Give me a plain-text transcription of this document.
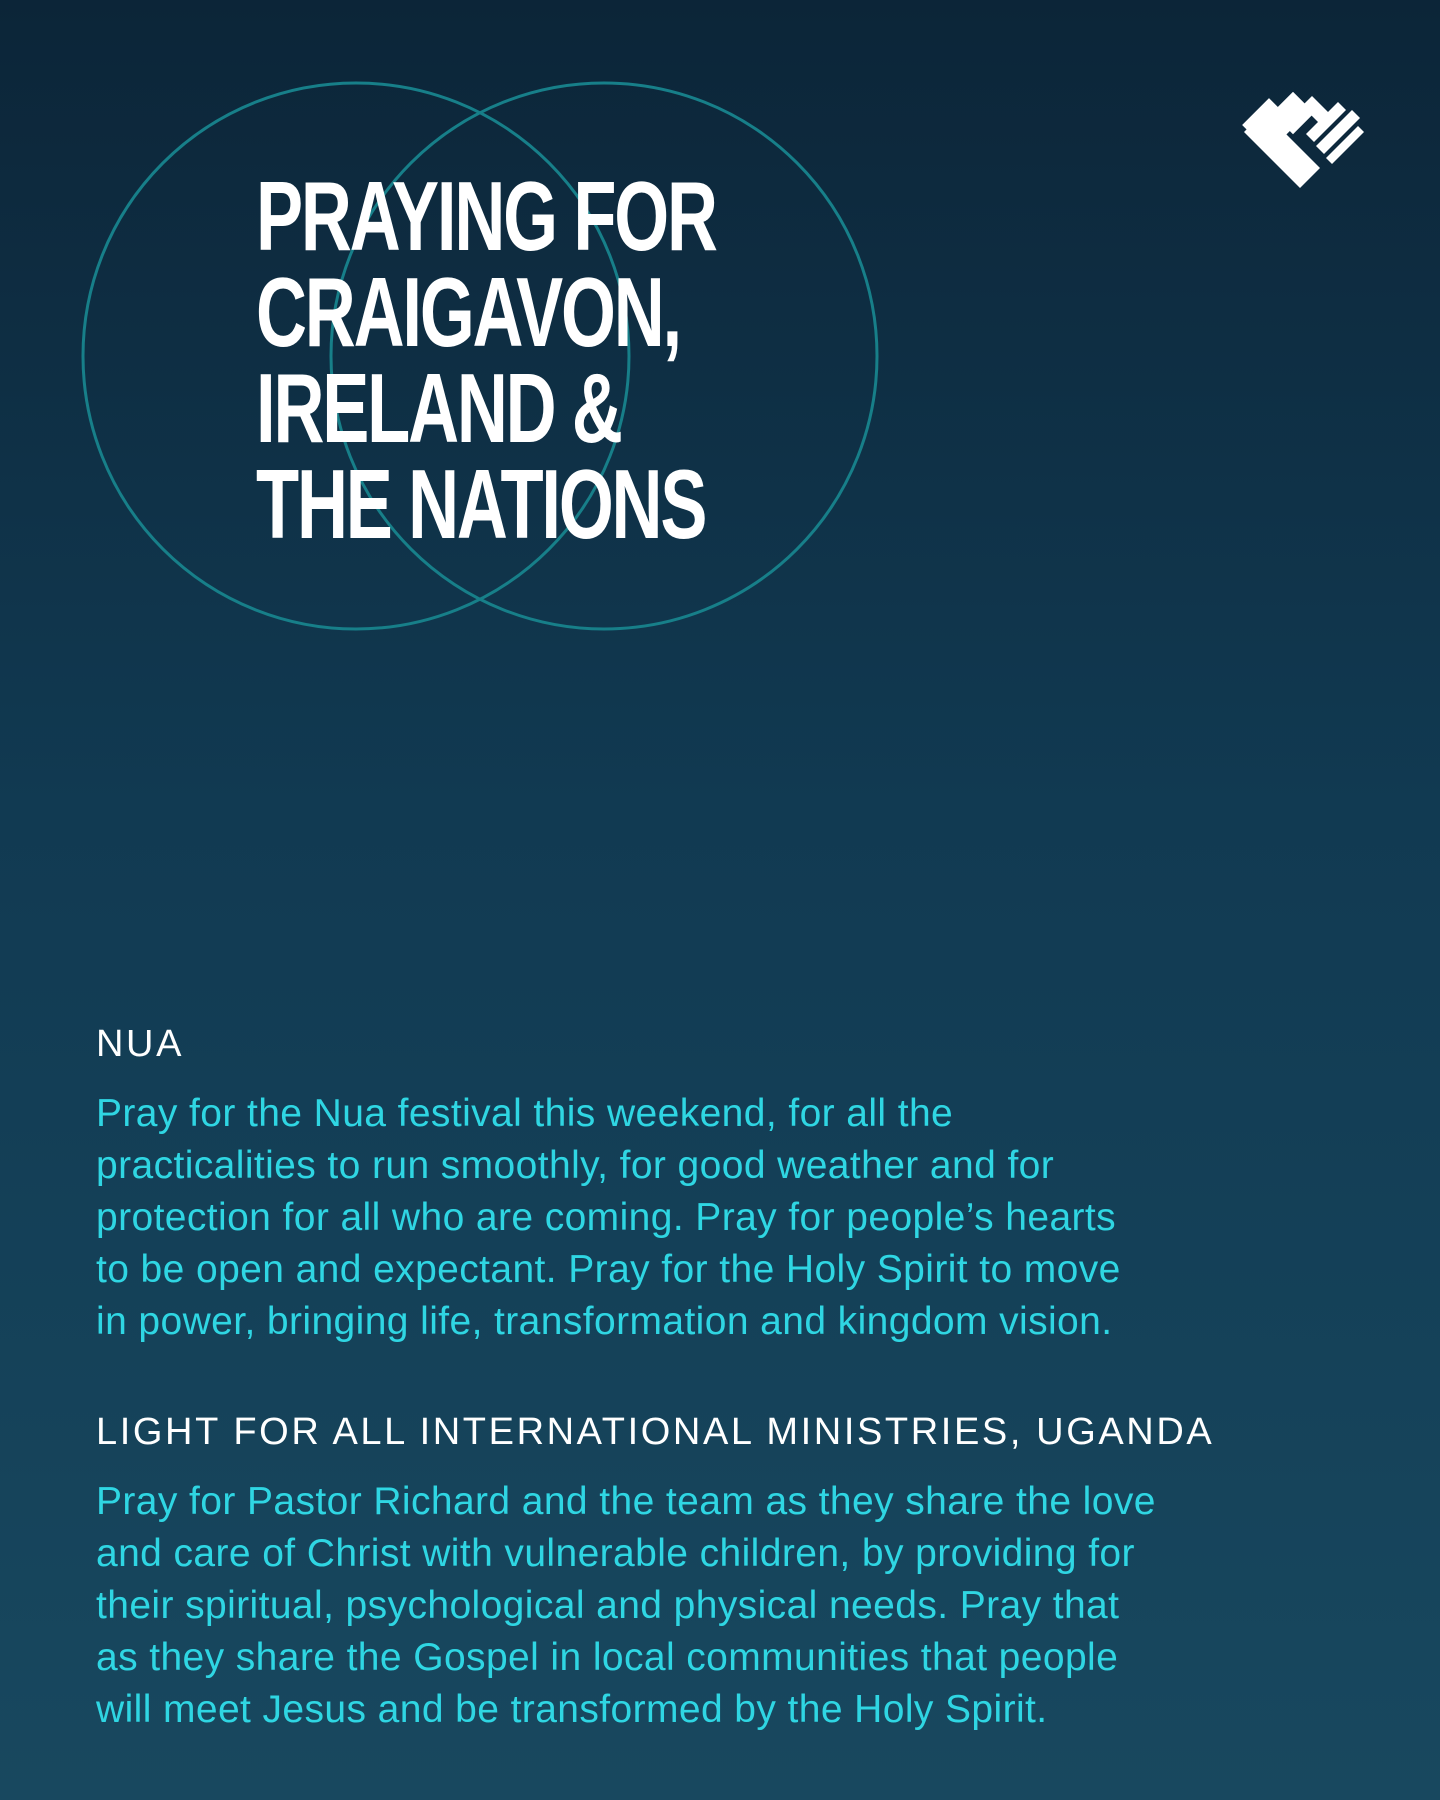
PRAYING FOR
CRAIGAVON,
IRELAND &
THE NATIONS
NUA

Pray for the Nua festival this weekend, for all the
practicalities to run smoothly, for good weather and for
protection for all who are coming. Pray for people’s hearts
to be open and expectant. Pray for the Holy Spirit to move
in power, bringing life, transformation and kingdom vision.

LIGHT FOR ALL INTERNATIONAL MINISTRIES, UGANDA

Pray for Pastor Richard and the team as they share the love
and care of Christ with vulnerable children, by providing for
their spiritual, psychological and physical needs. Pray that
as they share the Gospel in local communities that people
will meet Jesus and be transformed by the Holy Spirit.
